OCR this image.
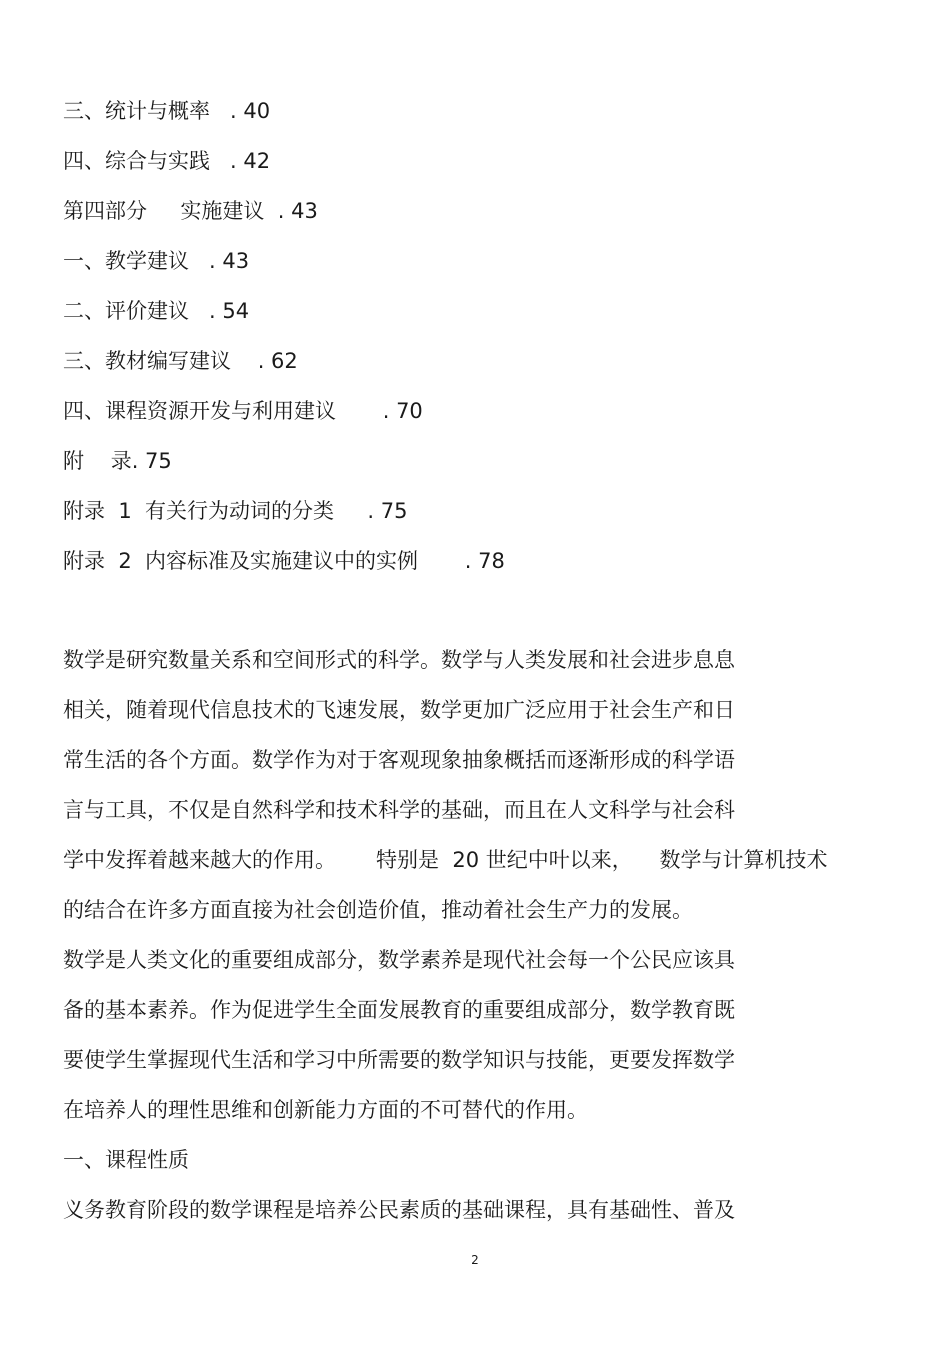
三、统计与概率   . 40
四、综合与实践   . 42
第四部分     实施建议  . 43
一、教学建议   . 43
二、评价建议   . 54
三、教材编写建议    . 62
四、课程资源开发与利用建议       . 70
附    录. 75
附录  1  有关行为动词的分类     . 75
附录  2  内容标准及实施建议中的实例       . 78
数学是研究数量关系和空间形式的科学。数学与人类发展和社会进步息息
相关，随着现代信息技术的飞速发展，数学更加广泛应用于社会生产和日
常生活的各个方面。数学作为对于客观现象抽象概括而逐渐形成的科学语
言与工具，不仅是自然科学和技术科学的基础，而且在人文科学与社会科
学中发挥着越来越大的作用。      特别是  20 世纪中叶以来，    数学与计算机技术
的结合在许多方面直接为社会创造价值，推动着社会生产力的发展。
数学是人类文化的重要组成部分，数学素养是现代社会每一个公民应该具
备的基本素养。作为促进学生全面发展教育的重要组成部分，数学教育既
要使学生掌握现代生活和学习中所需要的数学知识与技能，更要发挥数学
在培养人的理性思维和创新能力方面的不可替代的作用。
一、课程性质
义务教育阶段的数学课程是培养公民素质的基础课程，具有基础性、普及
2
